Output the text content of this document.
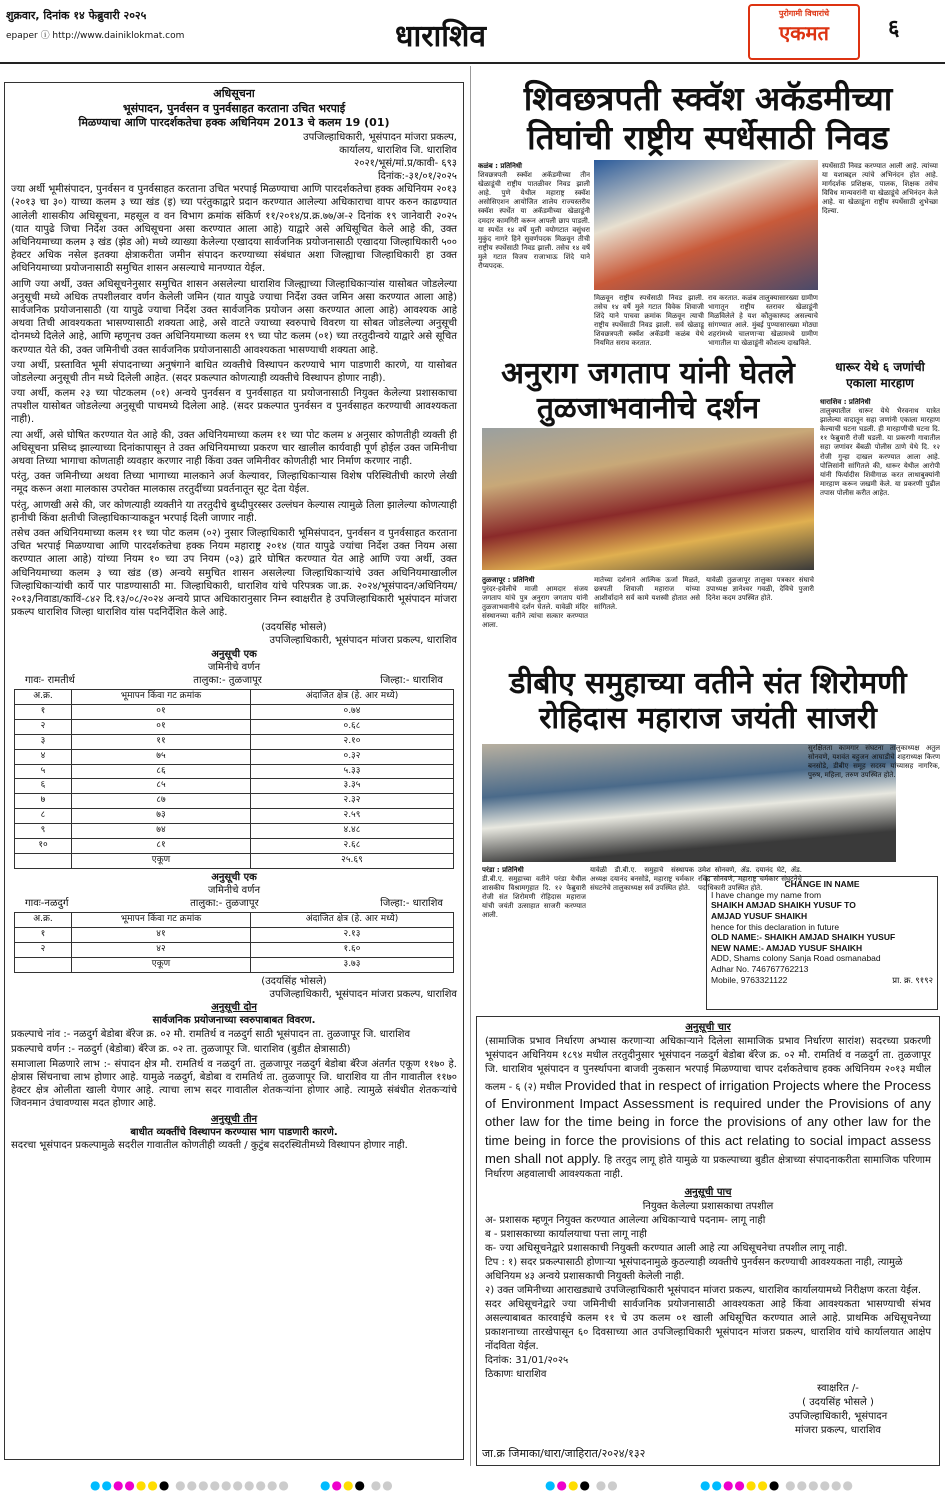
शुक्रवार, दिनांक १४ फेब्रुवारी २०२५
epaper ⓘ http://www.dainiklokmat.com	धाराशिव
पुरोगामी विचारांचे
एकमत	६
अधिसूचना
भूसंपादन, पुनर्वसन व पुनर्वसाहत करताना उचित भरपाई
मिळण्याचा आणि पारदर्शकतेचा हक्क अधिनियम 2013 चे कलम 19 (01)
उपजिल्हाधिकारी, भूसंपादन मांजरा प्रकल्प,
कार्यालय, धाराशिव जि. धाराशिव
२०२१/भूसं/मां.प्र/कावी- ६९३
दिनांक:-३१/०१/२०२५

ज्या अर्थी भूमीसंपादन, पुनर्वसन व पुनर्वसाहत करताना उचित भरपाई मिळण्याचा आणि पारदर्शकतेचा हक्क अधिनियम २०१३ (२०१३ चा ३०) याच्या कलम ३ च्या खंड (इ) च्या परंतुकाद्वारे प्रदान करण्यात आलेल्या अधिकाराचा वापर करुन काढण्यात आलेली शासकीय अधिसूचना, महसूल व वन विभाग क्रमांक संकिर्ण ११/२०१४/प्र.क्र.७७/अ-२ दिनांक १९ जानेवारी २०२५ (यात यापुढे जिचा निर्देश उक्त अधिसूचना असा करण्यात आला आहे) याद्वारे असे अधिसूचित केले आहे की, उक्त अधिनियमाच्या कलम ३ खंड (झेड ओ) मध्ये व्याख्या केलेल्या एखादया सार्वजनिक प्रयोजनासाठी एखादया जिल्हाधिकारी ५०० हेक्टर अधिक नसेल इतक्या क्षेत्राकरीता जमीन संपादन करण्याच्या संबंधात अशा जिल्ह्याचा जिल्हाधिकारी हा उक्त अधिनियमाच्या प्रयोजनासाठी समुचित शासन असल्याचे मानण्यात येईल.

आणि ज्या अर्थी, उक्त अधिसूचनेनुसार समुचित शासन असलेल्या धाराशिव जिल्ह्याच्या जिल्हाधिकाऱ्यांस यासोबत जोडलेल्या अनुसूची मध्ये अधिक तपशीलवार वर्णन केलेली जमिन (यात यापुढे ज्याचा निर्देश उक्त जमिन असा करण्यात आला आहे) सार्वजनिक प्रयोजनासाठी (या यापुढे ज्याचा निर्देश उक्त सार्वजनिक प्रयोजन असा करण्यात आला आहे) आवश्यक आहे अथवा तिची आवश्यकता भासण्यासाठी शक्यता आहे, असे वाटते ज्याच्या स्वरुपाचे विवरण या सोबत जोडलेल्या अनुसूची दोनमध्ये दिलेले आहे, आणि म्हणूनच उक्त अधिनियमाच्या कलम १९ च्या पोट कलम (०१) च्या तरतुदीन्वये याद्वारे असे सूचित करण्यात येते की, उक्त जमिनीची उक्त सार्वजनिक प्रयोजनासाठी आवश्यकता भासण्याची शक्यता आहे.

ज्या अर्थी, प्रस्तावित भूमी संपादनाच्या अनुषंगाने बाधित व्यक्तीचे विस्थापन करण्याचे भाग पाडणारी कारणे, या यासोबत जोडलेल्या अनुसूची तीन मध्ये दिलेली आहेत. (सदर प्रकल्पात कोणत्याही व्यक्तीचे विस्थापन होणार नाही).

ज्या अर्थी, कलम २३ च्या पोटकलम (०१) अन्वये पुनर्वसन व पुनर्वसाहत या प्रयोजनासाठी नियुक्त केलेल्या प्रशासकाचा तपशील यासोबत जोडलेल्या अनुसूची पाचमध्ये दिलेला आहे. (सदर प्रकल्पात पुनर्वसन व पुनर्वसाहत करण्याची आवश्यकता नाही).

त्या अर्थी, असे घोषित करण्यात येत आहे की, उक्त अधिनियमाच्या कलम ११ च्या पोट कलम ४ अनुसार कोणतीही व्यक्ती ही अधिसूचना प्रसिध्द झाल्याच्या दिनांकापासून ते उक्त अधिनियमाच्या प्रकरण चार खालील कार्यवाही पूर्ण होईल उक्त जमिनीचा अथवा तिच्या भागाचा कोणताही व्यवहार करणार नाही किंवा उक्त जमिनीवर कोणतीही भार निर्माण करणार नाही.

परंतु, उक्त जमिनीच्या अथवा तिच्या भागाच्या मालकाने अर्ज केल्यावर, जिल्हाधिकाऱ्यास विशेष परिस्थितीची कारणे लेखी नमूद करून अशा मालकास उपरोक्त मालकास तरतुदींच्या प्रवर्तनातून सूट देता येईल.

परंतु, आणखी असे की, जर कोणत्याही व्यक्तीने या तरतुदीचे बुध्दीपुरस्सर उल्लंघन केल्यास त्यामुळे तिला झालेल्या कोणत्याही हानीची किंवा क्षतीची जिल्हाधिकाऱ्याकडून भरपाई दिली जाणार नाही.

तसेच उक्त अधिनियमाच्या कलम ११ च्या पोट कलम (०२) नुसार जिल्हाधिकारी भूमिसंपादन, पुनर्वसन व पुनर्वसाहत करताना उचित भरपाई मिळण्याचा आणि पारदर्शकतेचा हक्क नियम महाराष्ट्र २०१४ (यात यापुढे ज्यांचा निर्देश उक्त नियम असा करण्यात आला आहे) यांच्या नियम १० च्या उप नियम (०३) द्वारे घोषित करण्यात येत आहे आणि ज्या अर्थी, उक्त अधिनियमाच्या कलम ३ च्या खंड (छ) अन्वये समुचित शासन असलेल्या जिल्हाधिकाऱ्यांचे उक्त अधिनियमाखालील जिल्हाधिकाऱ्यांची कार्ये पार पाडण्यासाठी मा. जिल्हाधिकारी, धाराशिव यांचे परिपत्रक जा.क्र. २०२४/भूसंपादन/अधिनियम/२०१३/निवाडा/काविं-८४२ दि.१३/०८/२०२४ अन्वये प्राप्त अधिकारानुसार निम्न स्वाक्षरीत हे उपजिल्हाधिकारी भूसंपादन मांजरा प्रकल्प धाराशिव जिल्हा धाराशिव यांस पदनिर्देशित केले आहे.

(उदयसिंह भोसले)
उपजिल्हाधिकारी, भूसंपादन मांजरा प्रकल्प, धाराशिव
अनुसूची एक
जमिनीचे वर्णन
गावः- रामतीर्थ	तालुका:- तुळजापूर	जिल्हा:- धाराशिव
अ.क्र.	भूमापन किंवा गट क्रमांक	अंदाजित क्षेत्र (हे. आर मध्ये)
१	०१	०.७४
२	०१	०.६८
३	११	२.१०
४	७५	०.३२
५	८६	५.३३
६	८५	३.३५
७	८७	२.३२
८	७३	२.५९
९	७४	४.४८
१०	८१	२.६८
	एकूण	२५.६९
अनुसूची एक
जमिनीचे वर्णन
गावः-नळदुर्ग	तालुका:- तुळजापूर	जिल्हा:- धाराशिव
अ.क्र.	भूमापन किंवा गट क्रमांक	अंदाजित क्षेत्र (हे. आर मध्ये)
१	४१	२.१३
२	४२	१.६०
	एकूण	३.७३
(उदयसिंह भोसले)
उपजिल्हाधिकारी, भूसंपादन मांजरा प्रकल्प, धाराशिव
अनुसूची दोन
सार्वजनिक प्रयोजनाच्या स्वरुपाबाबत विवरण.

प्रकल्पाचे नांव :- नळदुर्ग बेडोबा बॅरेज क्र. ०२ मौ. रामतिर्थ व नळदुर्ग साठी भूसंपादन ता. तुळजापूर जि. धाराशिव

प्रकल्पाचे वर्णन :- नळदुर्ग (बेडोबा) बॅरेज क्र. ०२ ता. तुळजापूर जि. धाराशिव (बुडीत क्षेत्रासाठी)

समाजाला मिळणारे लाभ :- संपादन क्षेत्र मौ. रामतिर्थ व नळदुर्ग ता. तुळजापूर नळदुर्ग बेडोबा बॅरेज अंतर्गत एकूण ११७० हे. क्षेत्रास सिंचनाचा लाभ होणार आहे. यामुळे नळदुर्ग, बेडोबा व रामतिर्थ ता. तुळजापूर जि. धाराशिव या तीन गावातील ११७० हेक्टर क्षेत्र ओलीता खाली येणार आहे. त्याचा लाभ सदर गावातील शेतकऱ्यांना होणार आहे. त्यामुळे संबंधीत शेतकऱ्यांचे जिवनमान उंचावण्यास मदत होणार आहे.

अनुसूची तीन
बाधीत व्यक्तींचे विस्थापन करण्यास भाग पाडणारी कारणे.

सदरचा भूसंपादन प्रकल्पामुळे सदरील गावातील कोणतीही व्यक्ती / कुटुंब सदरस्थितीमध्ये विस्थापन होणार नाही.

शिवछत्रपती स्क्वॅश अकॅडमीच्या तिघांची राष्ट्रीय स्पर्धेसाठी निवड
कळंब : प्रतिनिधी
शिवछत्रपती स्क्वॅश अकॅडमीच्या तीन खेळाडूंची राष्ट्रीय पातळीवर निवड झाली आहे. पुणे येथील महाराष्ट्र स्क्वॅश असोसिएशन आयोजित शालेय राज्यस्तरीय स्क्वॅश स्पर्धेत या अकॅडमीच्या खेळाडूंनी दमदार कामगिरी करून आपली छाप पाडली. या स्पर्धेत १४ वर्षे मुली वयोगटात वसुंधरा मुकुंद नागरे हिने सुवर्णपदक मिळवून तीची राष्ट्रीय स्पर्धेसाठी निवड झाली. तसेच १४ वर्षे मुले गटात विजय राजाभाऊ शिंदे याने रौप्यपदक.
मिळवून राष्ट्रीय स्पर्धेसाठी निवड झाली. तसेच १४ वर्षे मुले गटात विवेक शिवाजी शिंदे याने पाचवा क्रमांक मिळवून त्याची राष्ट्रीय स्पर्धेसाठी निवड झाली. सर्व खेळाडू शिवछत्रपती स्क्वॅश अकॅडमी कळंब येथे नियमित सराव करतात.
राव करतात. कळंब तालुक्यासारख्या ग्रामीण भागातून राष्ट्रीय स्तरावर खेळाडूंनी मिळविलेले हे यश कौतुकास्पद असल्याचे सांगण्यात आले. मुंबई पुण्यासारख्या मोठ्या शहरांमध्ये चालणाऱ्या खेळामध्ये ग्रामीण भागातील या खेळाडूंनी कौशल्य दाखविले.
स्पर्धेसाठी निवड करण्यात आली आहे. त्यांच्या या यशाबद्दल त्यांचे अभिनंदन होत आहे. मार्गदर्शक प्रशिक्षक, पालक, शिक्षक तसेच विविध मान्यवरांनी या खेळाडूंचे अभिनंदन केले आहे. या खेळाडूंना राष्ट्रीय स्पर्धेसाठी शुभेच्छा दिल्या.
अनुराग जगताप यांनी घेतले तुळजाभवानीचे दर्शन
तुळजापूर : प्रतिनिधी
पुरंदर-हवेलीचे माजी आमदार संजय जगताप यांचे पुत्र अनुराग जगताप यांनी तुळजाभवानीचे दर्शन घेतले. यावेळी मंदिर संस्थानच्या वतीने त्यांचा सत्कार करण्यात आला.
मातेच्या दर्शनाने आत्मिक ऊर्जा मिळते, छत्रपती शिवाजी महाराज यांच्या आशीर्वादाने सर्व कामे यशस्वी होतात असे सांगितले.
यावेळी तुळजापूर तालुका पत्रकार संघाचे उपाध्यक्ष ज्ञानेश्वर गवळी, देविचे पुजारी दिनेश कदम उपस्थित होते.
धारूर येथे ६ जणांची एकाला मारहाण
धाराशिव : प्रतिनिधी
तालुक्यातील धारूर येथे भैरवनाथ यात्रेत झालेल्या वादातून सहा जणांनी एकाला मारहाण केल्याची घटना घडली. ही मारहाणीची घटना दि. ११ फेब्रुवारी रोजी घडली. या प्रकरणी गावातील सहा जणांवर बेंबळी पोलीस ठाणे येथे दि. १२ रोजी गुन्हा दाखल करण्यात आला आहे. पोलिसांनी सांगितले की, धारूर येथील आरोपी यांनी फिर्यादीस शिवीगाळ करत लाथाबुक्यांनी मारहाण करून जखमी केले. या प्रकरणी पुढील तपास पोलीस करीत आहेत.
डीबीए समुहाच्या वतीने संत शिरोमणी रोहिदास महाराज जयंती साजरी
परंडा : प्रतिनिधी
डी.बी.ए. समुहाच्या वतीने परंडा येथील शासकीय विश्रामगृहात दि. १२ फेब्रुवारी रोजी संत शिरोमणी रोहिदास महाराज यांची जयंती उत्साहात साजरी करण्यात आली.
यावेळी डी.बी.ए. समुहाचे संस्थापक अध्यक्ष दयानंद बनसोडे, महाराष्ट्र चर्मकार संघटनेचे तालुकाध्यक्ष सर्व उपस्थित होते.
उमेश सोनवणे, ॲड. दयानंद घेटे, ॲड. रविंद्र सोनवणे, महाराष्ट्र चर्मकार संघटनेचे पदाधिकारी उपस्थित होते.
सुरक्षितता कामगार संघटना तालुकाध्यक्ष अतुल सोनवणे, यशवंत बहुजन आघाडीचे शहराध्यक्ष किरण बनसोडे, डीबीए समूह सदस्य यांच्यासह नागरिक, पुरुष, महिला, तरुण उपस्थित होते.
CHANGE IN NAME
I have change my name from
SHAIKH AMJAD SHAIKH YUSUF TO
AMJAD YUSUF SHAIKH
hence for this declaration in future
OLD NAME:- SHAIKH AMJAD SHAIKH YUSUF
NEW NAME:- AMJAD YUSUF SHAIKH
ADD, Shams colony Sanja Road osmanabad
Adhar No. 746767762213
Mobile, 9763321122	प्रा. क्र. ९१९२
अनुसूची चार

(सामाजिक प्रभाव निर्धारण अभ्यास करणाऱ्या अधिकाऱ्याने दिलेला सामाजिक प्रभाव निर्धारण सारांश) सदरच्या प्रकरणी भूसंपादन अधिनियम १८९४ मधील तरतुदीनुसार भूसंपादन नळदुर्ग बेडोबा बॅरेज क्र. ०२ मौ. रामतिर्थ व नळदुर्ग ता. तुळजापूर जि. धाराशिव भूसंपादन व पुनर्स्थापना बाजवी नुकसान भरपाई मिळण्याचा चापर दर्शकतेचाच हक्क अधिनियम २०१३ मधील कलम - ६ (२) मधील Provided that in respect of irrigation Projects where the Process of Environment Impact Assessment is required under the Provisions of any other law for the time being in force the provisions of any other law for the time being in force the provisions of this act relating to social impact assess men shall not apply. हि तरतुद लागू होते यामुळे या प्रकल्पाच्या बुडीत क्षेत्राच्या संपादनाकरीता सामाजिक परिणाम निर्धारण अहवालाची आवश्यकता नाही.

अनुसूची पाच
नियुक्त केलेल्या प्रशासकाचा तपशील
अ- प्रशासक म्हणून नियुक्त करण्यात आलेल्या अधिकाऱ्याचे पदनाम- लागू नाही
ब - प्रशासकाच्या कार्यालयाचा पत्ता लागू नाही
क- ज्या अधिसूचनेद्वारे प्रशासकाची नियुक्ती करण्यात आली आहे त्या अधिसूचनेचा तपशील लागू नाही.

टिप : १) सदर प्रकल्पासाठी होणाऱ्या भूसंपादनामुळे कुठल्याही व्यक्तीचे पुनर्वसन करण्याची आवश्यकता नाही, त्यामुळे अधिनियम ४३ अन्वये प्रशासकाची नियुक्ती केलेली नाही.

२) उक्त जमिनीच्या आराखड्याचे उपजिल्हाधिकारी भूसंपादन मांजरा प्रकल्प, धाराशिव कार्यालयामध्ये निरीक्षण करता येईल.

सदर अधिसूचनेद्वारे ज्या जमिनीची सार्वजनिक प्रयोजनासाठी आवश्यकता आहे किंवा आवश्यकता भासण्याची संभव असल्याबाबत कारवाईचे कलम ११ चे उप कलम ०१ खाली अधिसूचित करण्यात आले आहे. प्राथमिक अधिसूचनेच्या प्रकाशनाच्या तारखेपासून ६० दिवसाच्या आत उपजिल्हाधिकारी भूसंपादन मांजरा प्रकल्प, धाराशिव यांचे कार्यालयात आक्षेप नोंदविता येईल.

दिनांक: 31/01/२०२५
ठिकाणः धाराशिव
स्वाक्षरित /-
( उदयसिंह भोसले )
उपजिल्हाधिकारी, भूसंपादन
मांजरा प्रकल्प, धाराशिव
जा.क्र जिमाका/धारा/जाहिरात/२०२४/१३२
●●●●●●● ●●●●●●●●●●	●●●● ●●	●●●● ●●	●●●●●●● ●●●●●●
